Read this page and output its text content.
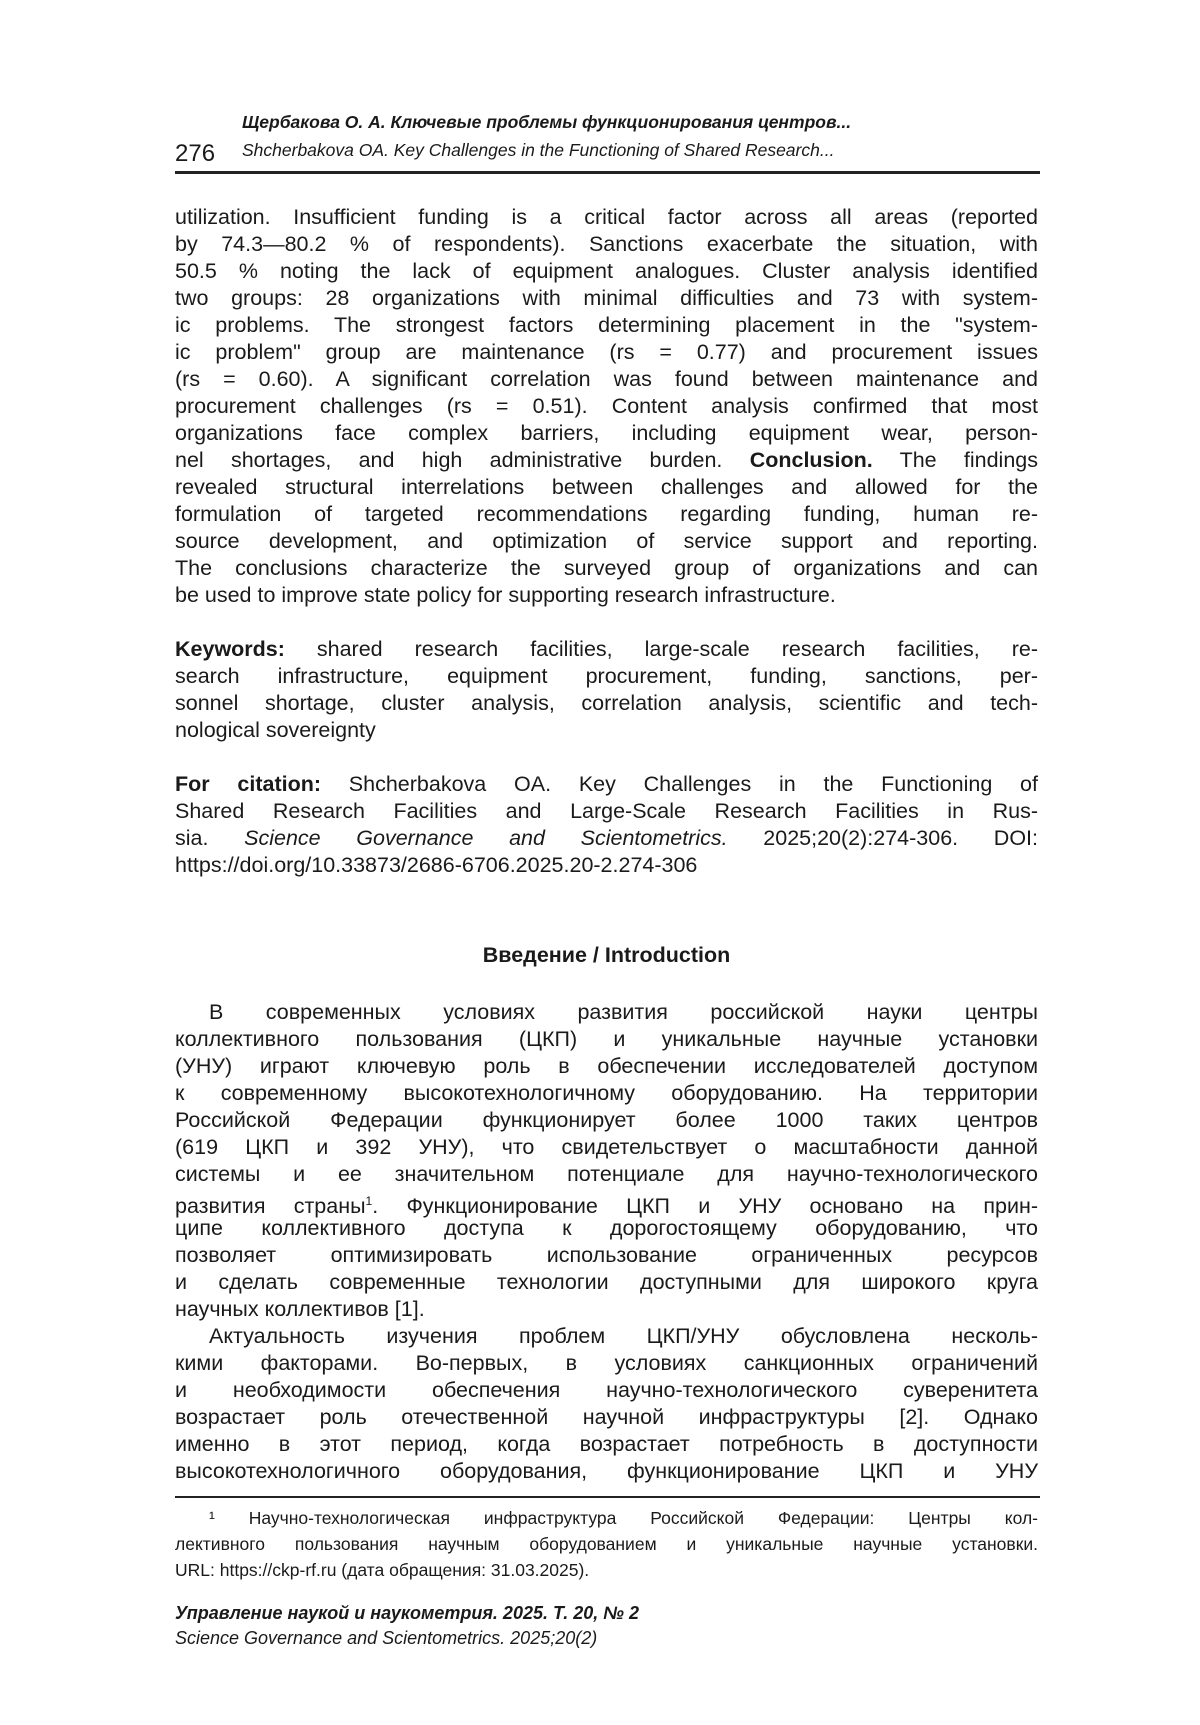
Щербакова О. А. Ключевые проблемы функционирования центров...
276 Shcherbakova OA. Key Challenges in the Functioning of Shared Research...
utilization. Insufficient funding is a critical factor across all areas (reported
by 74.3—80.2 % of respondents). Sanctions exacerbate the situation, with
50.5 % noting the lack of equipment analogues. Cluster analysis identified
two groups: 28 organizations with minimal difficulties and 73 with system-
ic problems. The strongest factors determining placement in the "system-
ic problem" group are maintenance (rs = 0.77) and procurement issues
(rs = 0.60). A significant correlation was found between maintenance and
procurement challenges (rs = 0.51). Content analysis confirmed that most
organizations face complex barriers, including equipment wear, person-
nel shortages, and high administrative burden. Conclusion. The findings
revealed structural interrelations between challenges and allowed for the
formulation of targeted recommendations regarding funding, human re-
source development, and optimization of service support and reporting.
The conclusions characterize the surveyed group of organizations and can
be used to improve state policy for supporting research infrastructure.
Keywords: shared research facilities, large-scale research facilities, re-
search infrastructure, equipment procurement, funding, sanctions, per-
sonnel shortage, cluster analysis, correlation analysis, scientific and tech-
nological sovereignty
For citation: Shcherbakova OA. Key Challenges in the Functioning of
Shared Research Facilities and Large-Scale Research Facilities in Rus-
sia. Science Governance and Scientometrics. 2025;20(2):274-306. DOI:
https://doi.org/10.33873/2686-6706.2025.20-2.274-306
Введение / Introduction
В современных условиях развития российской науки центры
коллективного пользования (ЦКП) и уникальные научные установки
(УНУ) играют ключевую роль в обеспечении исследователей доступом
к современному высокотехнологичному оборудованию. На территории
Российской Федерации функционирует более 1000 таких центров
(619 ЦКП и 392 УНУ), что свидетельствует о масштабности данной
системы и ее значительном потенциале для научно-технологического
развития страны1. Функционирование ЦКП и УНУ основано на прин-
ципе коллективного доступа к дорогостоящему оборудованию, что
позволяет оптимизировать использование ограниченных ресурсов
и сделать современные технологии доступными для широкого круга
научных коллективов [1].
Актуальность изучения проблем ЦКП/УНУ обусловлена несколь-
кими факторами. Во-первых, в условиях санкционных ограничений
и необходимости обеспечения научно-технологического суверенитета
возрастает роль отечественной научной инфраструктуры [2]. Однако
именно в этот период, когда возрастает потребность в доступности
высокотехнологичного оборудования, функционирование ЦКП и УНУ
¹ Научно-технологическая инфраструктура Российской Федерации: Центры кол-
лективного пользования научным оборудованием и уникальные научные установки.
URL: https://ckp-rf.ru (дата обращения: 31.03.2025).
Управление наукой и наукометрия. 2025. Т. 20, № 2
Science Governance and Scientometrics. 2025;20(2)
